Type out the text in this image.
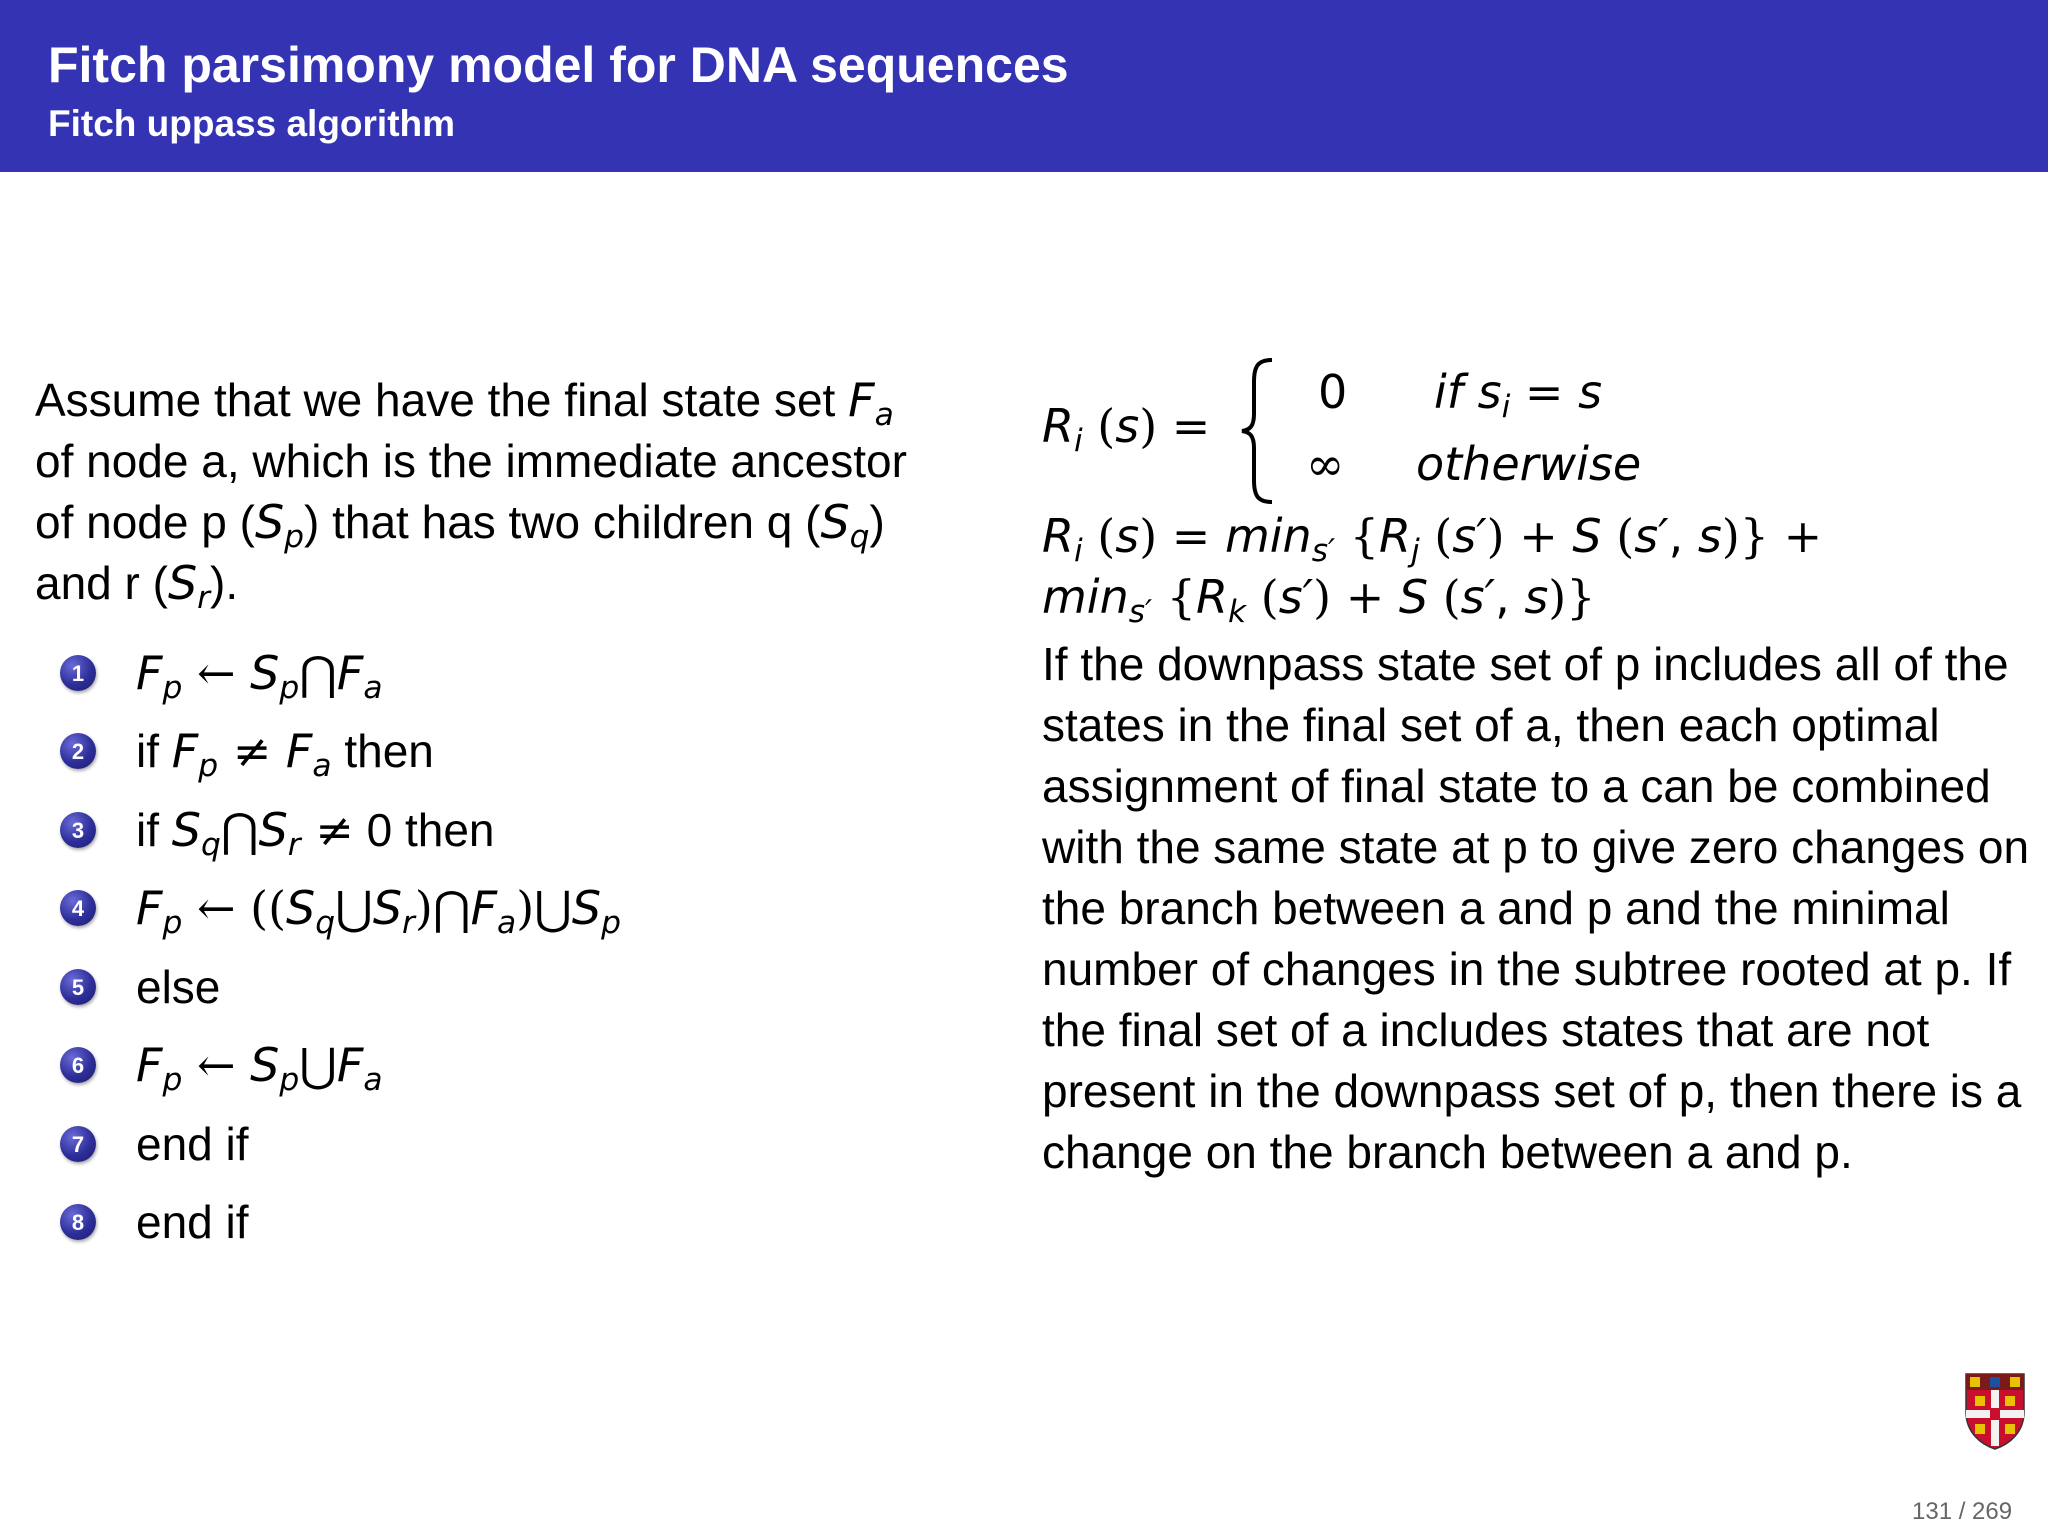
Fitch parsimony model for DNA sequences
Fitch uppass algorithm

Assume that we have the final state set $F_a$
of node a, which is the immediate ancestor
of node p $(S_p)$ that has two children q $(S_q)$
and r $(S_r)$.

1 $F_p$ ← $S_p⋂F_a$
2 if
$F_p \ne F_a$
then
3 if
$S_q⋂S_r$ ≠
0 then
4 $F_p$ ← $((S_q⋃S_r)⋂F_a)⋃S_p$
5 else
6 $F_p$ ← $S_p⋃F_a$
7 end if
8 end if
$R_i$ (s) =
0 if $s_i = s$
∞ otherwise
$R_i$ $(s) = \min_{s'} \{R_j$ (s′) + S (s′, s)} +
$\min_{s'} \{R_k$ (s′) + S (s′, s)}
If the downpass state set of p includes all of the states in the final set of a, then each optimal assignment of final state to a can be combined with the same state at p to give zero changes on the branch between a and p and the minimal number of changes in the subtree rooted at p. If the final set of a includes states that are not present in the downpass set of p, then there is a change on the branch between a and p.
131 / 269
